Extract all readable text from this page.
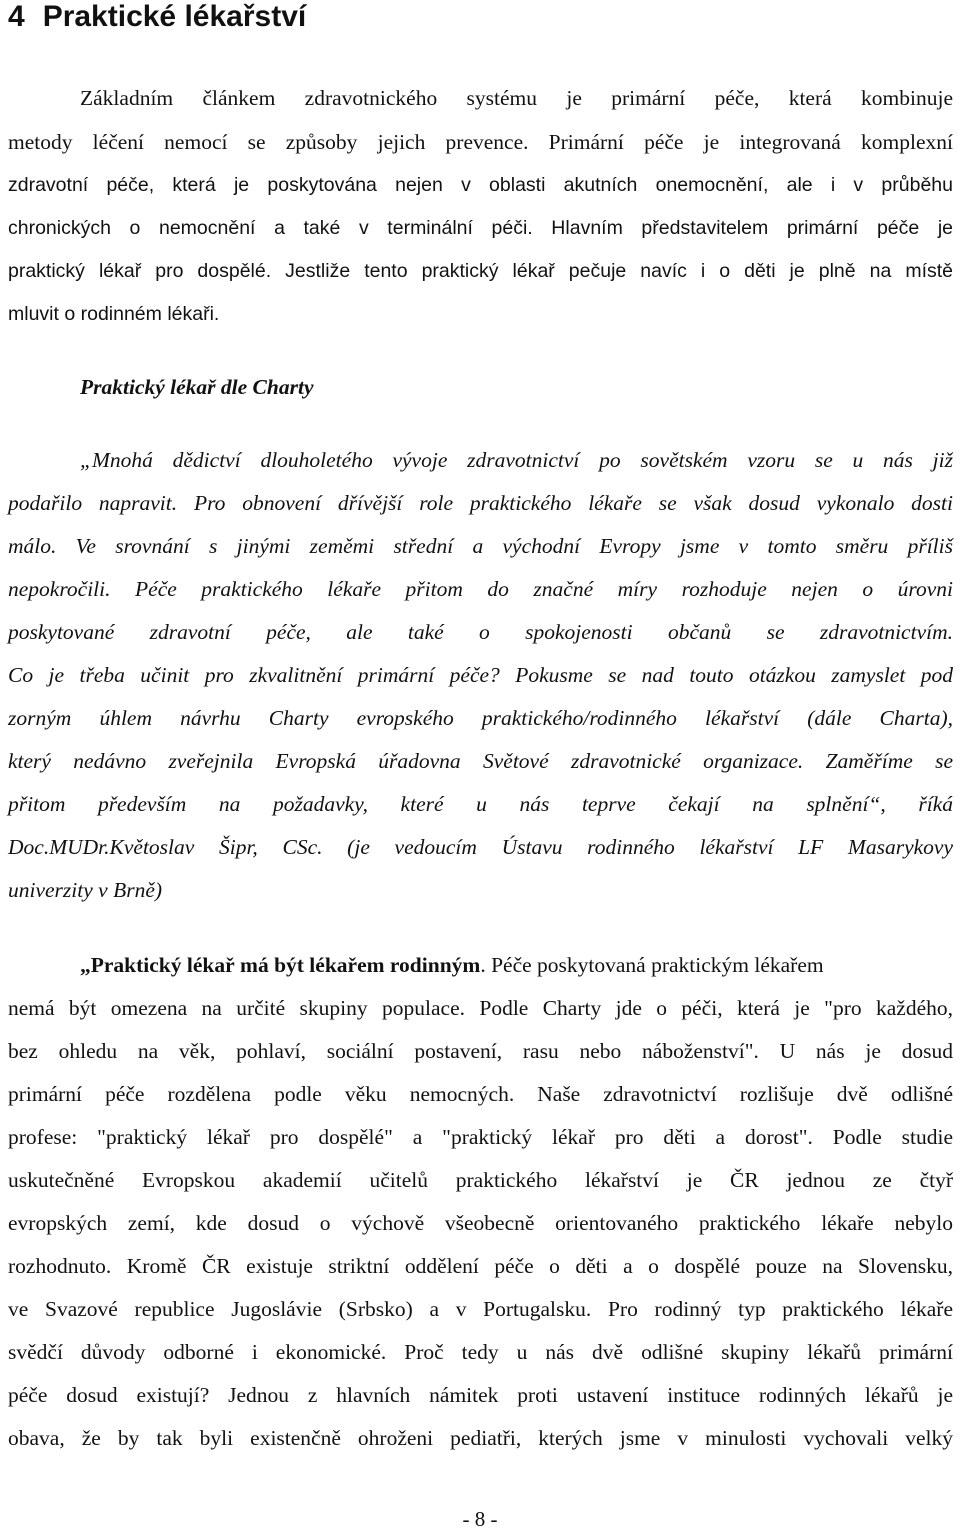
4 Praktické lékařství
Základním článkem zdravotnického systému je primární péče, která kombinuje
metody léčení nemocí se způsoby jejich prevence. Primární péče je integrovaná komplexní
zdravotní péče, která je poskytována nejen v oblasti akutních onemocnění, ale i v průběhu
chronických o nemocnění a také v terminální péči. Hlavním představitelem primární péče je
praktický lékař pro dospělé. Jestliže tento praktický lékař pečuje navíc i o děti je plně na místě
mluvit o rodinném lékaři.
Praktický lékař dle Charty
„Mnohá dědictví dlouholetého vývoje zdravotnictví po sovětském vzoru se u nás již
podařilo napravit. Pro obnovení dřívější role praktického lékaře se však dosud vykonalo dosti
málo. Ve srovnání s jinými zeměmi střední a východní Evropy jsme v tomto směru příliš
nepokročili. Péče praktického lékaře přitom do značné míry rozhoduje nejen o úrovni
poskytované zdravotní péče, ale také o spokojenosti občanů se zdravotnictvím.
Co je třeba učinit pro zkvalitnění primární péče? Pokusme se nad touto otázkou zamyslet pod
zorným úhlem návrhu Charty evropského praktického/rodinného lékařství (dále Charta),
který nedávno zveřejnila Evropská úřadovna Světové zdravotnické organizace. Zaměříme se
přitom především na požadavky, které u nás teprve čekají na splnění“, říká
Doc.MUDr.Květoslav Šipr, CSc. (je vedoucím Ústavu rodinného lékařství LF Masarykovy
univerzity v Brně)
„Praktický lékař má být lékařem rodinným. Péče poskytovaná praktickým lékařem
nemá být omezena na určité skupiny populace. Podle Charty jde o péči, která je "pro každého,
bez ohledu na věk, pohlaví, sociální postavení, rasu nebo náboženství". U nás je dosud
primární péče rozdělena podle věku nemocných. Naše zdravotnictví rozlišuje dvě odlišné
profese: "praktický lékař pro dospělé" a "praktický lékař pro děti a dorost". Podle studie
uskutečněné Evropskou akademií učitelů praktického lékařství je ČR jednou ze čtyř
evropských zemí, kde dosud o výchově všeobecně orientovaného praktického lékaře nebylo
rozhodnuto. Kromě ČR existuje striktní oddělení péče o děti a o dospělé pouze na Slovensku,
ve Svazové republice Jugoslávie (Srbsko) a v Portugalsku. Pro rodinný typ praktického lékaře
svědčí důvody odborné i ekonomické. Proč tedy u nás dvě odlišné skupiny lékařů primární
péče dosud existují? Jednou z hlavních námitek proti ustavení instituce rodinných lékařů je
obava, že by tak byli existenčně ohroženi pediatři, kterých jsme v minulosti vychovali velký
- 8 -
